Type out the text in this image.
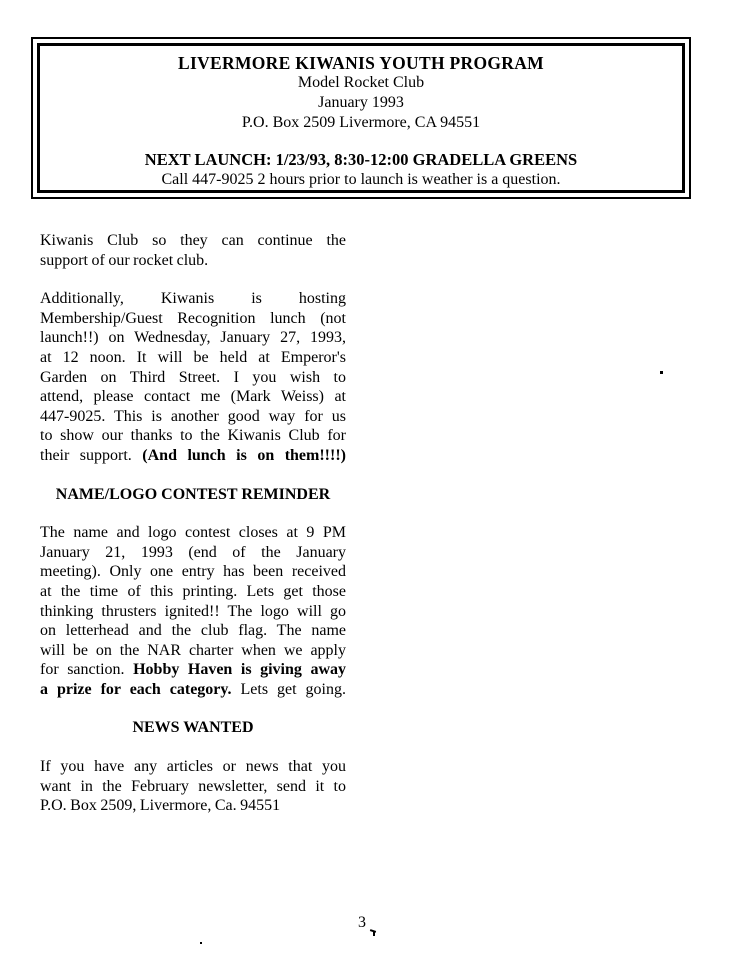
LIVERMORE KIWANIS YOUTH PROGRAM
Model Rocket Club
January 1993
P.O. Box 2509 Livermore, CA 94551
NEXT LAUNCH: 1/23/93, 8:30-12:00 GRADELLA GREENS
Call 447-9025 2 hours prior to launch is weather is a question.
Kiwanis Club so they can continue the
support of our rocket club.
Additionally, Kiwanis is hosting
Membership/Guest Recognition lunch (not
launch!!) on Wednesday, January 27, 1993,
at 12 noon. It will be held at Emperor's
Garden on Third Street. I you wish to
attend, please contact me (Mark Weiss) at
447-9025. This is another good way for us
to show our thanks to the Kiwanis Club for
their support. (And lunch is on them!!!!)
NAME/LOGO CONTEST REMINDER
The name and logo contest closes at 9 PM
January 21, 1993 (end of the January
meeting). Only one entry has been received
at the time of this printing. Lets get those
thinking thrusters ignited!! The logo will go
on letterhead and the club flag. The name
will be on the NAR charter when we apply
for sanction. Hobby Haven is giving away
a prize for each category. Lets get going.
NEWS WANTED
If you have any articles or news that you
want in the February newsletter, send it to
P.O. Box 2509, Livermore, Ca. 94551
3
